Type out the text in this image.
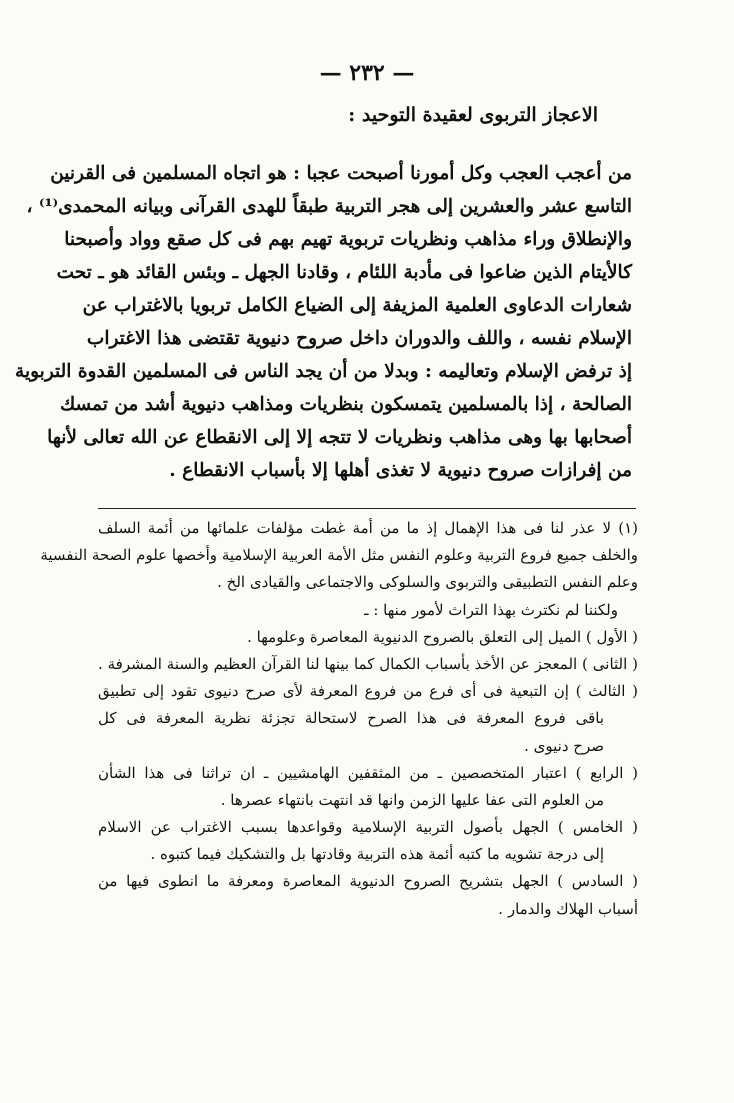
— ٢٣٢ —
الاعجاز التربوى لعقيدة التوحيد :
من أعجب العجب وكل أمورنا أصبحت عجبا : هو اتجاه المسلمين فى القرنين
التاسع عشر والعشرين إلى هجر التربية طبقاً للهدى القرآنى وبيانه المحمدى⁽¹⁾ ،
والإنطلاق وراء مذاهب ونظريات تربوية تهيم بهم فى كل صقع وواد وأصبحنا
كالأيتام الذين ضاعوا فى مأدبة اللئام ، وقادنا الجهل ـ وبئس القائد هو ـ تحت
شعارات الدعاوى العلمية المزيفة إلى الضياع الكامل تربويا بالاغتراب عن
الإسلام نفسه ، واللف والدوران داخل صروح دنيوية تقتضى هذا الاغتراب
إذ ترفض الإسلام وتعاليمه : وبدلا من أن يجد الناس فى المسلمين القدوة التربوية
الصالحة ، إذا بالمسلمين يتمسكون بنظريات ومذاهب دنيوية أشد من تمسك
أصحابها بها وهى مذاهب ونظريات لا تتجه إلا إلى الانقطاع عن الله تعالى لأنها
من إفرازات صروح دنيوية لا تغذى أهلها إلا بأسباب الانقطاع .
(١) لا عذر لنا فى هذا الإهمال إذ ما من أمة غطت مؤلفات علمائها من أئمة السلف
والخلف جميع فروع التربية وعلوم النفس مثل الأمة العربية الإسلامية وأخصها علوم الصحة النفسية
وعلم النفس التطبيقى والتربوى والسلوكى والاجتماعى والقيادى الخ .
ولكننا لم نكترث بهذا التراث لأمور منها : ـ
( الأول ) الميل إلى التعلق بالصروح الدنيوية المعاصرة وعلومها .
( الثانى ) المعجز عن الأخذ بأسباب الكمال كما بينها لنا القرآن العظيم والسنة المشرفة .
( الثالث ) إن التبعية فى أى فرع من فروع المعرفة لأى صرح دنيوى تقود إلى تطبيق
باقى فروع المعرفة فى هذا الصرح لاستحالة تجزئة نظرية المعرفة فى كل
صرح دنيوى .
( الرابع ) اعتبار المتخصصين ـ من المثقفين الهامشيين ـ ان تراثنا فى هذا الشأن
من العلوم التى عفا عليها الزمن وانها قد انتهت بانتهاء عصرها .
( الخامس ) الجهل بأصول التربية الإسلامية وقواعدها بسبب الاغتراب عن الاسلام
إلى درجة تشويه ما كتبه أئمة هذه التربية وقادتها بل والتشكيك فيما كتبوه .
( السادس ) الجهل بتشريح الصروح الدنيوية المعاصرة ومعرفة ما انطوى فيها من
أسباب الهلاك والدمار .
